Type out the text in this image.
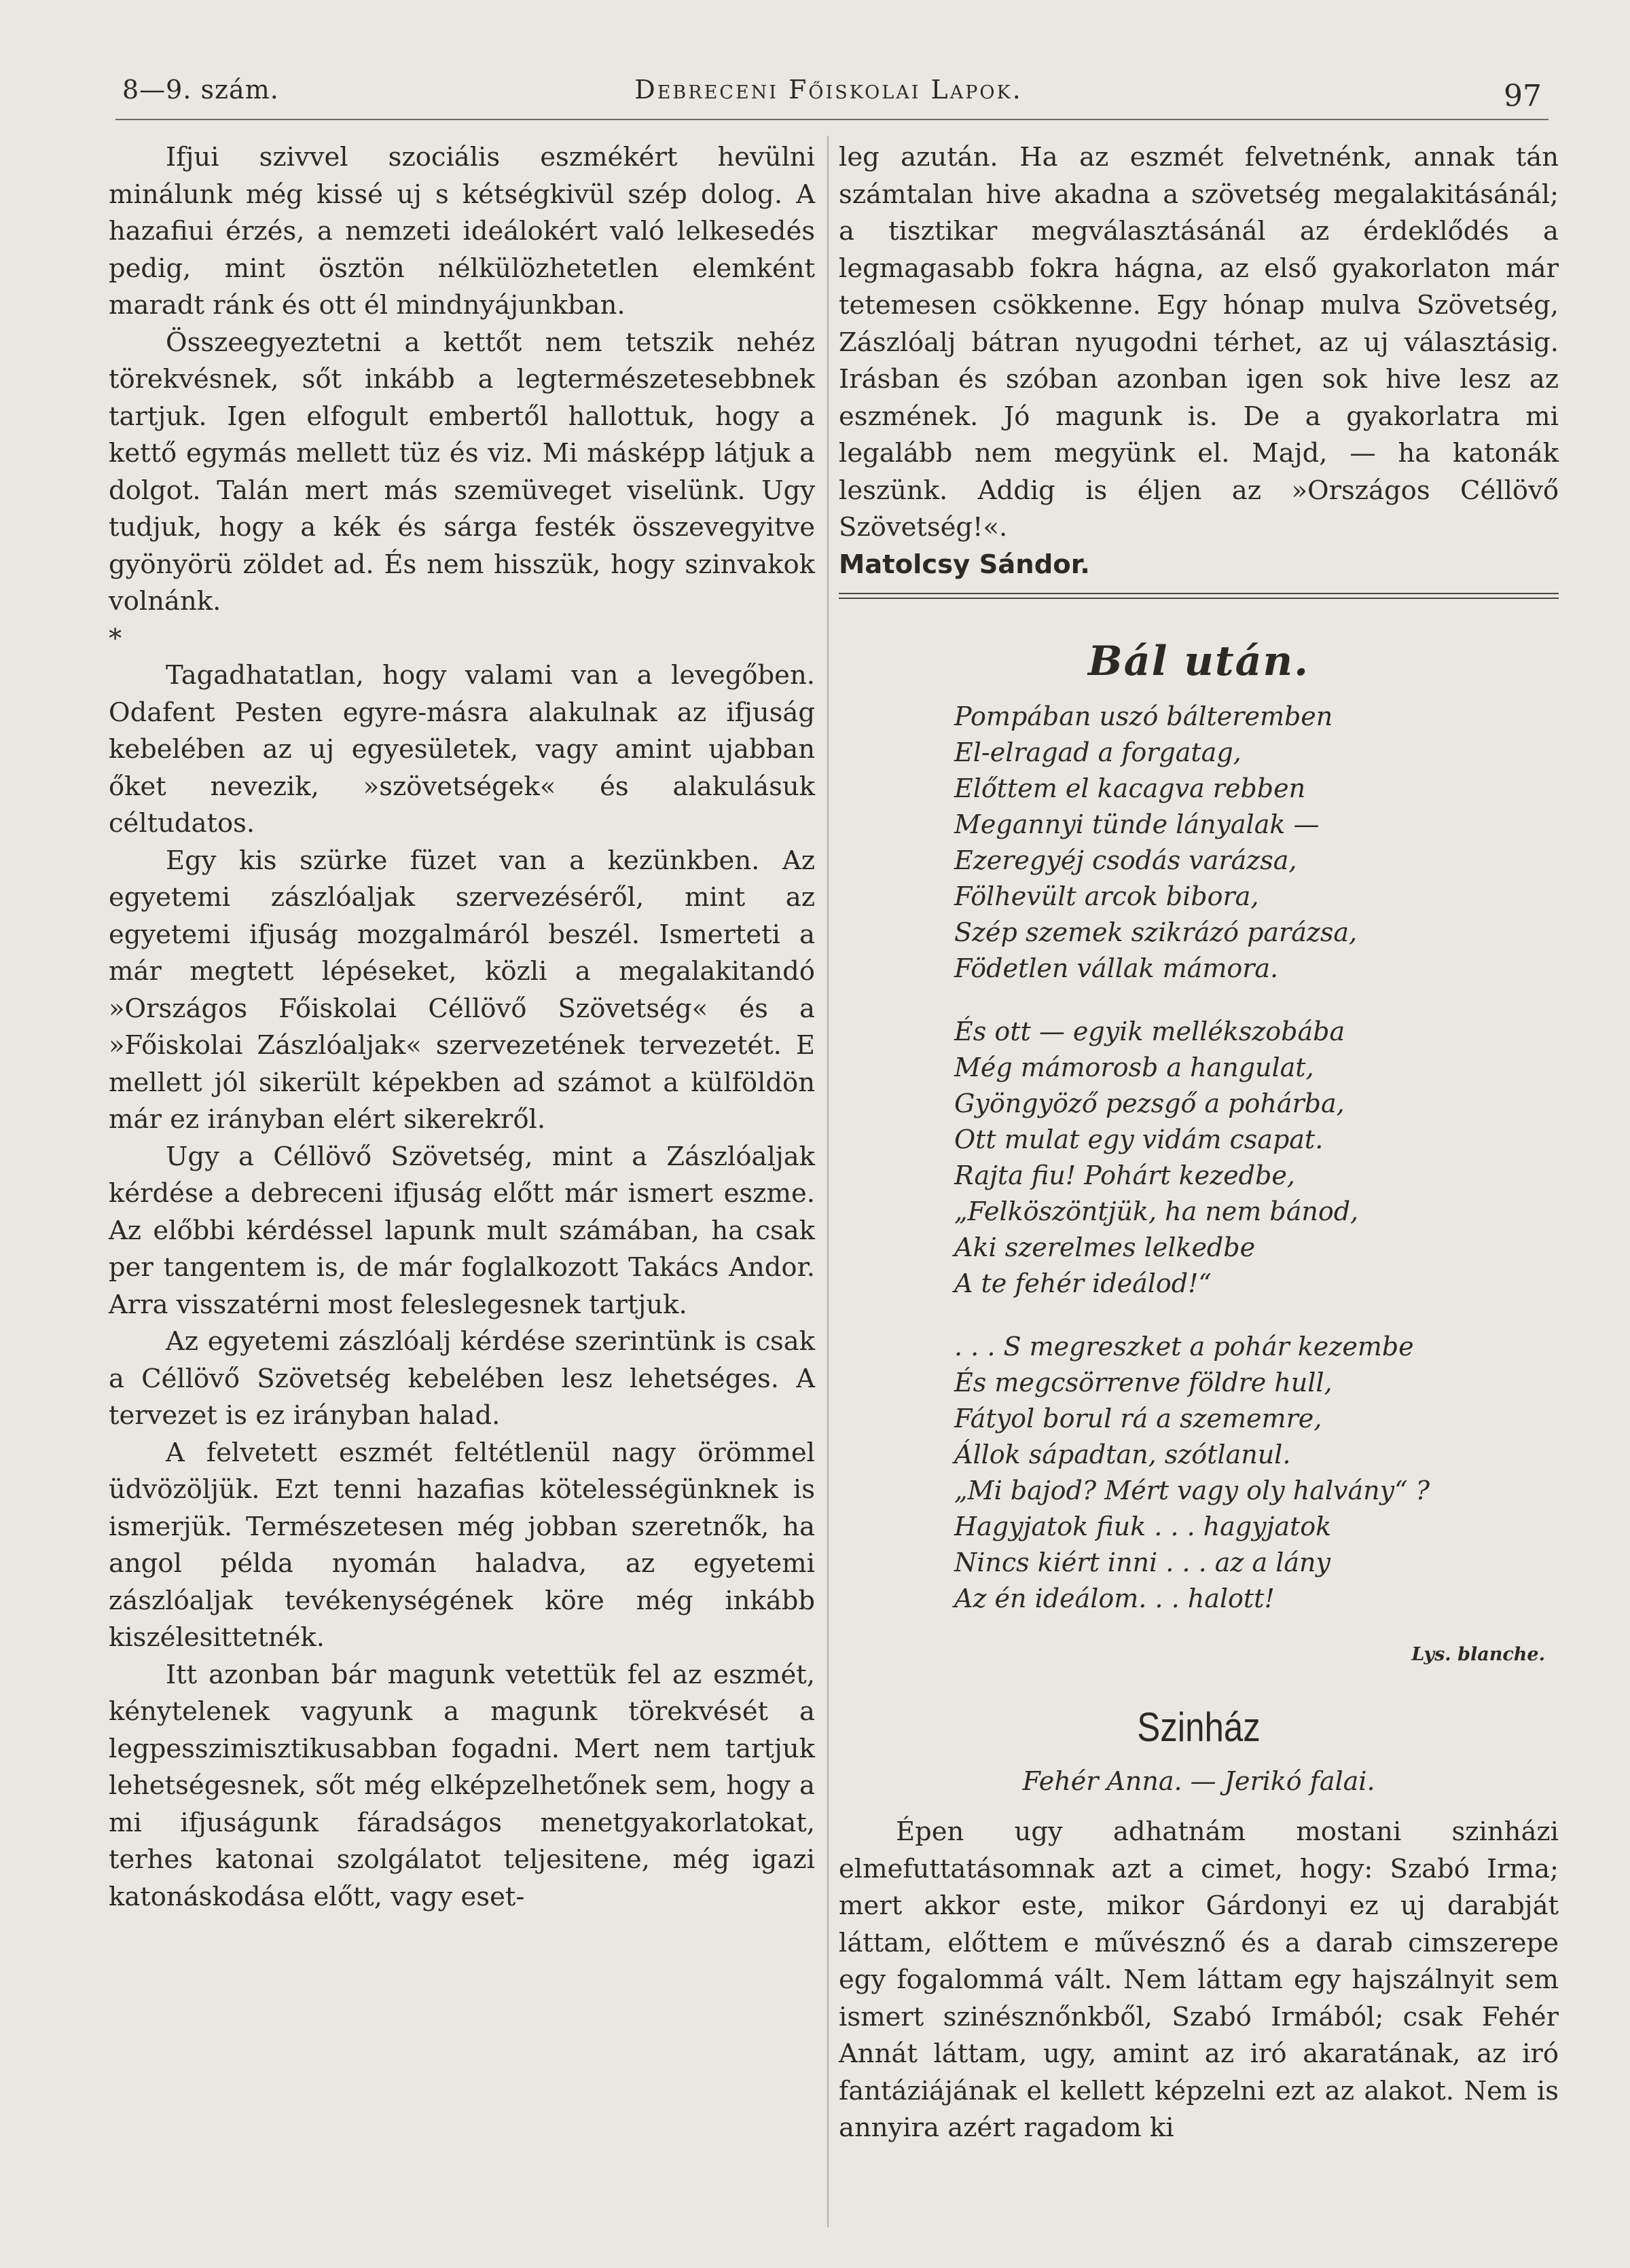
8—9. szám.	Debreceni Főiskolai Lapok.	97

Ifjui szivvel szociális eszmékért hevülni minálunk még kissé uj s kétségkivül szép dolog. A hazafiui érzés, a nemzeti ideálokért való lelkesedés pedig, mint ösztön nélkülözhetetlen elemként maradt ránk és ott él mindnyájunkban.

Összeegyeztetni a kettőt nem tetszik nehéz törekvésnek, sőt inkább a legtermészetesebbnek tartjuk. Igen elfogult embertől hallottuk, hogy a kettő egymás mellett tüz és viz. Mi másképp látjuk a dolgot. Talán mert más szemüveget viselünk. Ugy tudjuk, hogy a kék és sárga festék összevegyitve gyönyörü zöldet ad. És nem hisszük, hogy szinvakok volnánk.

*

Tagadhatatlan, hogy valami van a levegőben. Odafent Pesten egyre-másra alakulnak az ifjuság kebelében az uj egyesületek, vagy amint ujabban őket nevezik, »szövetségek« és alakulásuk céltudatos.

Egy kis szürke füzet van a kezünkben. Az egyetemi zászlóaljak szervezéséről, mint az egyetemi ifjuság mozgalmáról beszél. Ismerteti a már megtett lépéseket, közli a megalakitandó »Országos Főiskolai Céllövő Szövetség« és a »Főiskolai Zászlóaljak« szervezetének tervezetét. E mellett jól sikerült képekben ad számot a külföldön már ez irányban elért sikerekről.

Ugy a Céllövő Szövetség, mint a Zászlóaljak kérdése a debreceni ifjuság előtt már ismert eszme. Az előbbi kérdéssel lapunk mult számában, ha csak per tangentem is, de már foglalkozott Takács Andor. Arra visszatérni most feleslegesnek tartjuk.

Az egyetemi zászlóalj kérdése szerintünk is csak a Céllövő Szövetség kebelében lesz lehetséges. A tervezet is ez irányban halad.

A felvetett eszmét feltétlenül nagy örömmel üdvözöljük. Ezt tenni hazafias kötelességünknek is ismerjük. Természetesen még jobban szeretnők, ha angol példa nyomán haladva, az egyetemi zászlóaljak tevékenységének köre még inkább kiszélesittetnék.

Itt azonban bár magunk vetettük fel az eszmét, kénytelenek vagyunk a magunk törekvését a legpesszimisztikusabban fogadni. Mert nem tartjuk lehetségesnek, sőt még elképzelhetőnek sem, hogy a mi ifjuságunk fáradságos menetgyakorlatokat, terhes katonai szolgálatot teljesitene, még igazi katonáskodása előtt, vagy eset-

leg azután. Ha az eszmét felvetnénk, annak tán számtalan hive akadna a szövetség megalakitásánál; a tisztikar megválasztásánál az érdeklődés a legmagasabb fokra hágna, az első gyakorlaton már tetemesen csökkenne. Egy hónap mulva Szövetség, Zászlóalj bátran nyugodni térhet, az uj választásig. Irásban és szóban azonban igen sok hive lesz az eszmének. Jó magunk is. De a gyakorlatra mi legalább nem megyünk el. Majd, — ha katonák leszünk. Addig is éljen az »Országos Céllövő Szövetség!«.

Matolcsy Sándor.

Bál után.
Pompában uszó bálteremben
El-elragad a forgatag,
Előttem el kacagva rebben
Megannyi tünde lányalak —
Ezeregyéj csodás varázsa,
Fölhevült arcok bibora,
Szép szemek szikrázó parázsa,
Födetlen vállak mámora.
És ott — egyik mellékszobába
Még mámorosb a hangulat,
Gyöngyöző pezsgő a pohárba,
Ott mulat egy vidám csapat.
Rajta fiu! Pohárt kezedbe,
„Felköszöntjük, ha nem bánod,
Aki szerelmes lelkedbe
A te fehér ideálod!“
. . . S megreszket a pohár kezembe
És megcsörrenve földre hull,
Fátyol borul rá a szememre,
Állok sápadtan, szótlanul.
„Mi bajod? Mért vagy oly halvány“ ?
Hagyjatok fiuk . . . hagyjatok
Nincs kiért inni . . . az a lány
Az én ideálom. . . halott!
Lys. blanche.
Szinház
Fehér Anna. — Jerikó falai.

Épen ugy adhatnám mostani szinházi elmefuttatásomnak azt a cimet, hogy: Szabó Irma; mert akkor este, mikor Gárdonyi ez uj darabját láttam, előttem e művésznő és a darab cimszerepe egy fogalommá vált. Nem láttam egy hajszálnyit sem ismert szinésznőnkből, Szabó Irmából; csak Fehér Annát láttam, ugy, amint az iró akaratának, az iró fantáziájának el kellett képzelni ezt az alakot. Nem is annyira azért ragadom ki
